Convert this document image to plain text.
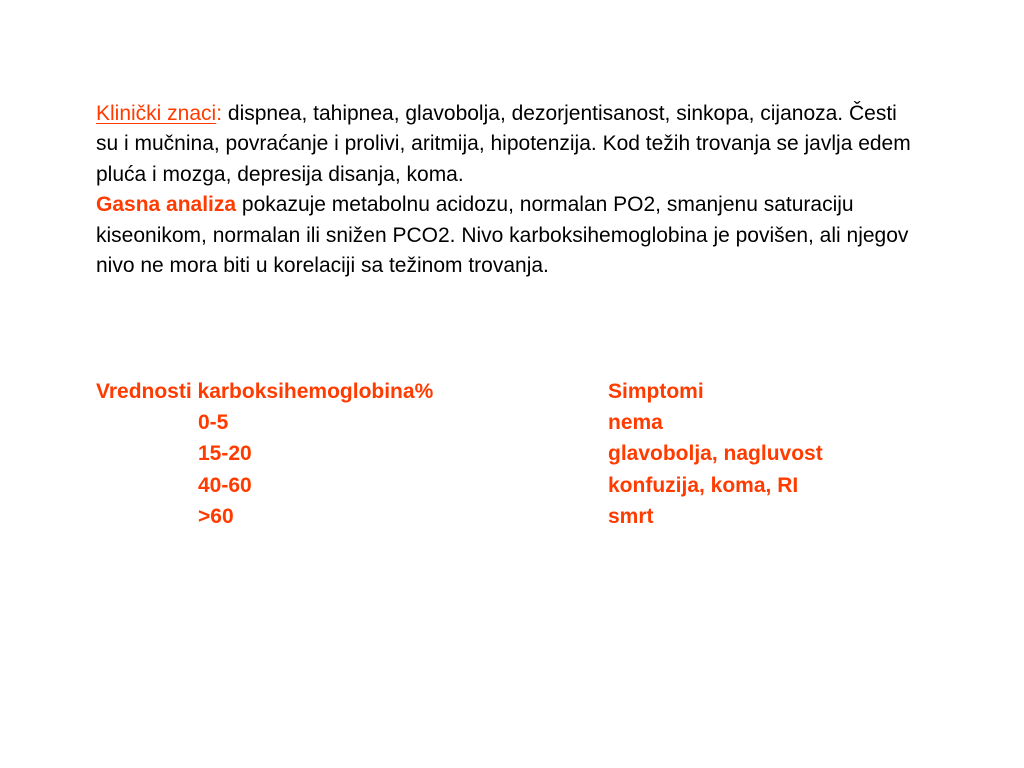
Klinički znaci: dispnea, tahipnea, glavobolja, dezorjentisanost, sinkopa, cijanoza. Česti su i mučnina, povraćanje i prolivi, aritmija, hipotenzija. Kod težih trovanja se javlja edem pluća i mozga, depresija disanja, koma.

Gasna analiza pokazuje metabolnu acidozu, normalan PO2, smanjenu saturaciju kiseonikom, normalan ili snižen PCO2. Nivo karboksihemoglobina je povišen, ali njegov nivo ne mora biti u korelaciji sa težinom trovanja.

Vrednosti karboksihemoglobina%	Simptomi
0-5	nema
15-20	glavobolja, nagluvost
40-60	konfuzija, koma, RI
>60	smrt
